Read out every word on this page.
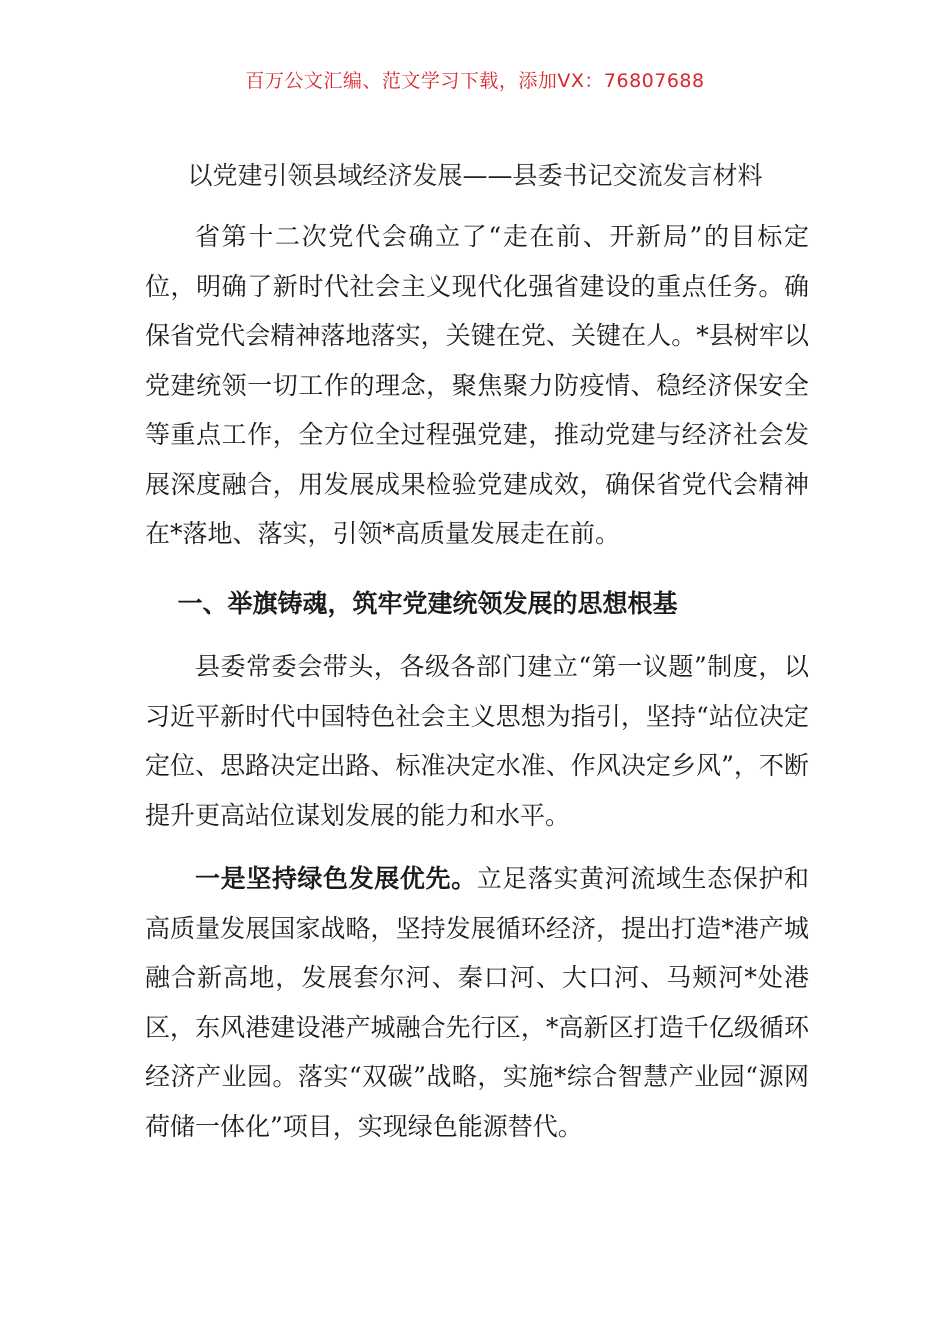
百万公文汇编、范文学习下载，添加VX：76807688
以党建引领县域经济发展——县委书记交流发言材料

省第十二次党代会确立了“走在前、开新局”的目标定位，明确了新时代社会主义现代化强省建设的重点任务。确保省党代会精神落地落实，关键在党、关键在人。*县树牢以党建统领一切工作的理念，聚焦聚力防疫情、稳经济保安全等重点工作，全方位全过程强党建，推动党建与经济社会发展深度融合，用发展成果检验党建成效，确保省党代会精神在*落地、落实，引领*高质量发展走在前。

一、举旗铸魂，筑牢党建统领发展的思想根基

县委常委会带头，各级各部门建立“第一议题”制度，以习近平新时代中国特色社会主义思想为指引，坚持“站位决定定位、思路决定出路、标准决定水准、作风决定乡风”，不断提升更高站位谋划发展的能力和水平。

一是坚持绿色发展优先。立足落实黄河流域生态保护和高质量发展国家战略，坚持发展循环经济，提出打造*港产城融合新高地，发展套尔河、秦口河、大口河、马颊河*处港区，东风港建设港产城融合先行区，*高新区打造千亿级循环经济产业园。落实“双碳”战略，实施*综合智慧产业园“源网荷储一体化”项目，实现绿色能源替代。
